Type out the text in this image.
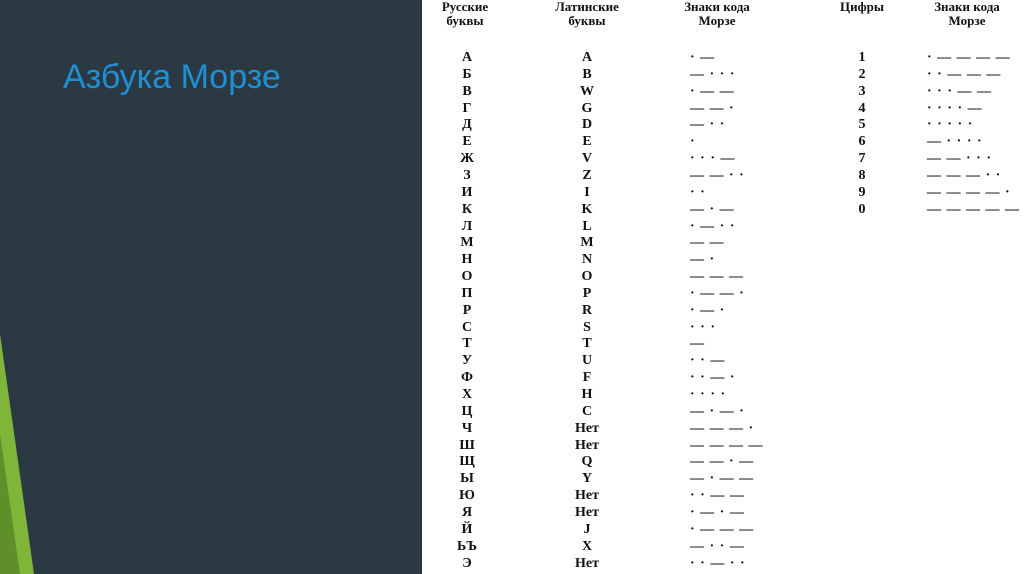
Азбука Морзе
Русские
буквы
Латинские
буквы
Знаки кода
Морзе
Цифры	Знаки кода
Морзе
А	A	· —
Б	B	— · · ·
В	W	· — —
Г	G	— — ·
Д	D	— · ·
Е	E	·
Ж	V	· · · —
З	Z	— — · ·
И	I	· ·
К	K	— · —
Л	L	· — · ·
М	M	— —
Н	N	— ·
О	O	— — —
П	P	· — — ·
Р	R	· — ·
С	S	· · ·
Т	T	—
У	U	· · —
Ф	F	· · — ·
Х	H	· · · ·
Ц	C	— · — ·
Ч	Нет	— — — ·
Ш	Нет	— — — —
Щ	Q	— — · —
Ы	Y	— · — —
Ю	Нет	· · — —
Я	Нет	· — · —
Й	J	· — — —
ЬЪ	X	— · · —
Э	Нет	· · — · ·
1	· — — — —
2	· · — — —
3	· · · — —
4	· · · · —
5	· · · · ·
6	— · · · ·
7	— — · · ·
8	— — — · ·
9	— — — — ·
0	— — — — —
